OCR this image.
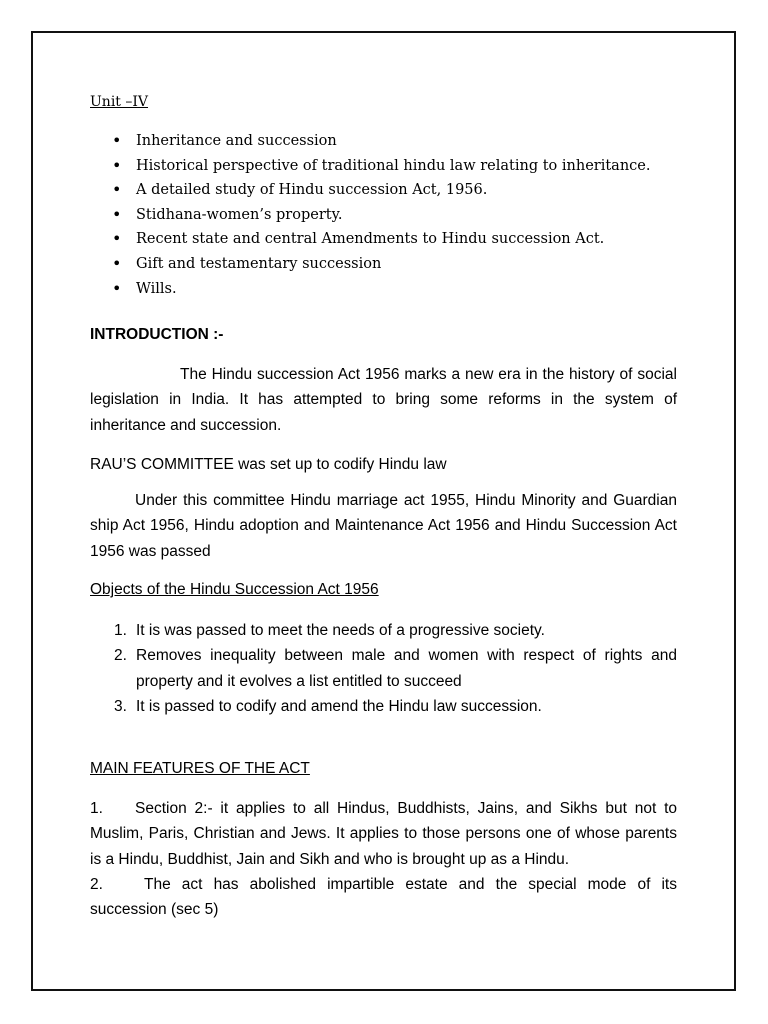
Unit –IV
• Inheritance and succession
• Historical perspective of traditional hindu law relating to inheritance.
• A detailed study of Hindu succession Act, 1956.
• Stidhana-women’s property.
• Recent state and central Amendments to Hindu succession Act.
• Gift and testamentary succession
• Wills.
INTRODUCTION :-
The Hindu succession Act 1956 marks a new era in the history of social legislation in India. It has attempted to bring some reforms in the system of inheritance and succession.
RAU’S COMMITTEE was set up to codify Hindu law
Under this committee Hindu marriage act 1955, Hindu Minority and Guardian ship Act 1956, Hindu adoption and Maintenance Act 1956 and Hindu Succession Act 1956 was passed
Objects of the Hindu Succession Act 1956
1. It is was passed to meet the needs of a progressive society.
2. Removes inequality between male and women with respect of rights and property and it evolves a list entitled to succeed
3. It is passed to codify and amend the Hindu law succession.
MAIN FEATURES OF THE ACT
1. Section 2:- it applies to all Hindus, Buddhists, Jains, and Sikhs but not to Muslim, Paris, Christian and Jews. It applies to those persons one of whose parents is a Hindu, Buddhist, Jain and Sikh and who is brought up as a Hindu.
2.	The act has abolished impartible estate and the special mode of its succession (sec 5)
